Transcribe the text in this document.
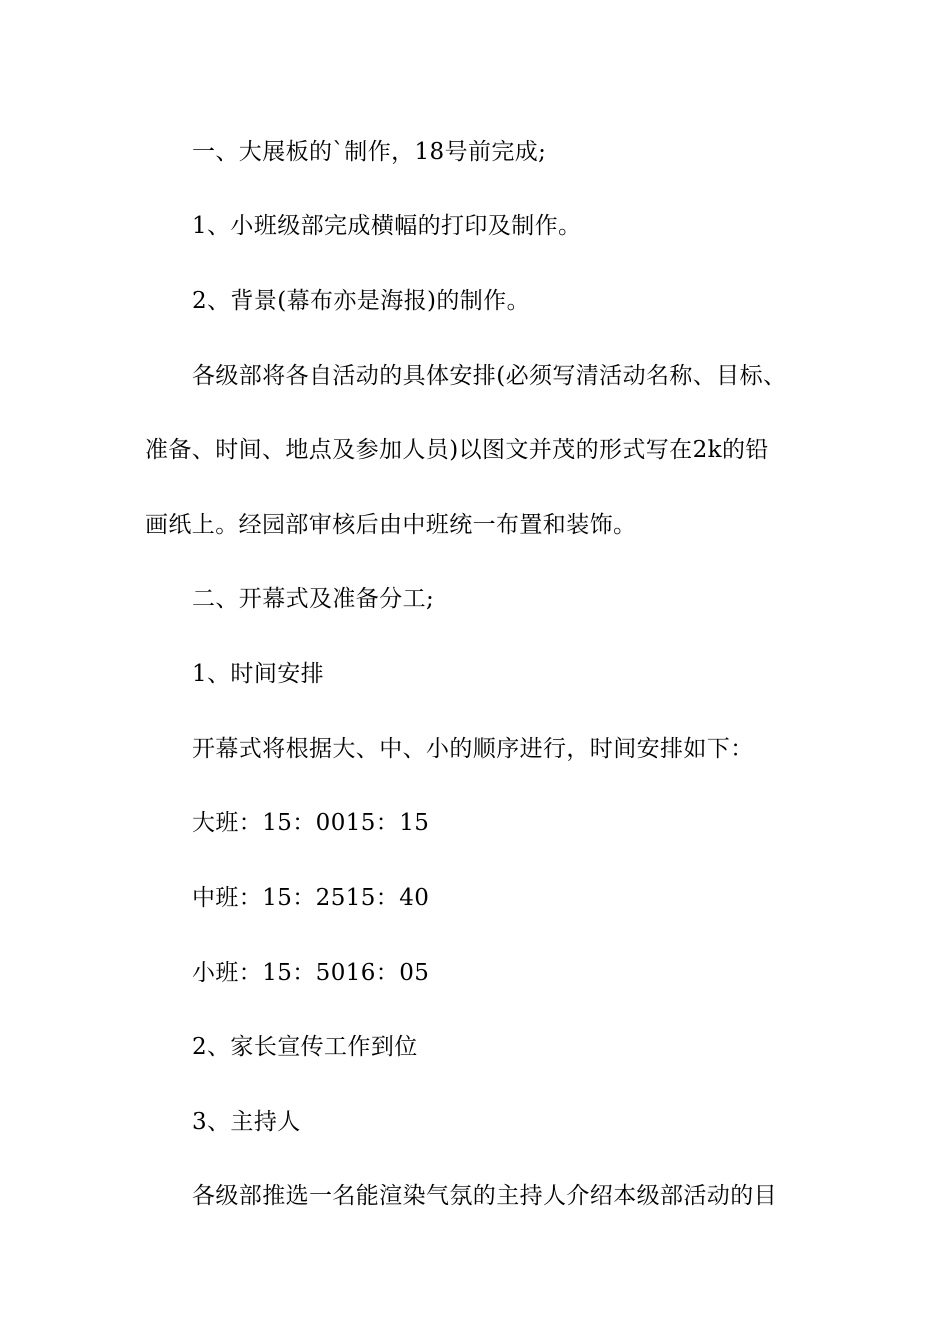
一、大展板的`制作，18号前完成;

1、小班级部完成横幅的打印及制作。

2、背景(幕布亦是海报)的制作。

各级部将各自活动的具体安排(必须写清活动名称、目标、

准备、时间、地点及参加人员)以图文并茂的形式写在2k的铅

画纸上。经园部审核后由中班统一布置和装饰。

二、开幕式及准备分工;

1、时间安排

开幕式将根据大、中、小的顺序进行，时间安排如下：

大班：15：0015：15

中班：15：2515：40

小班：15：5016：05

2、家长宣传工作到位

3、主持人

各级部推选一名能渲染气氛的主持人介绍本级部活动的目
